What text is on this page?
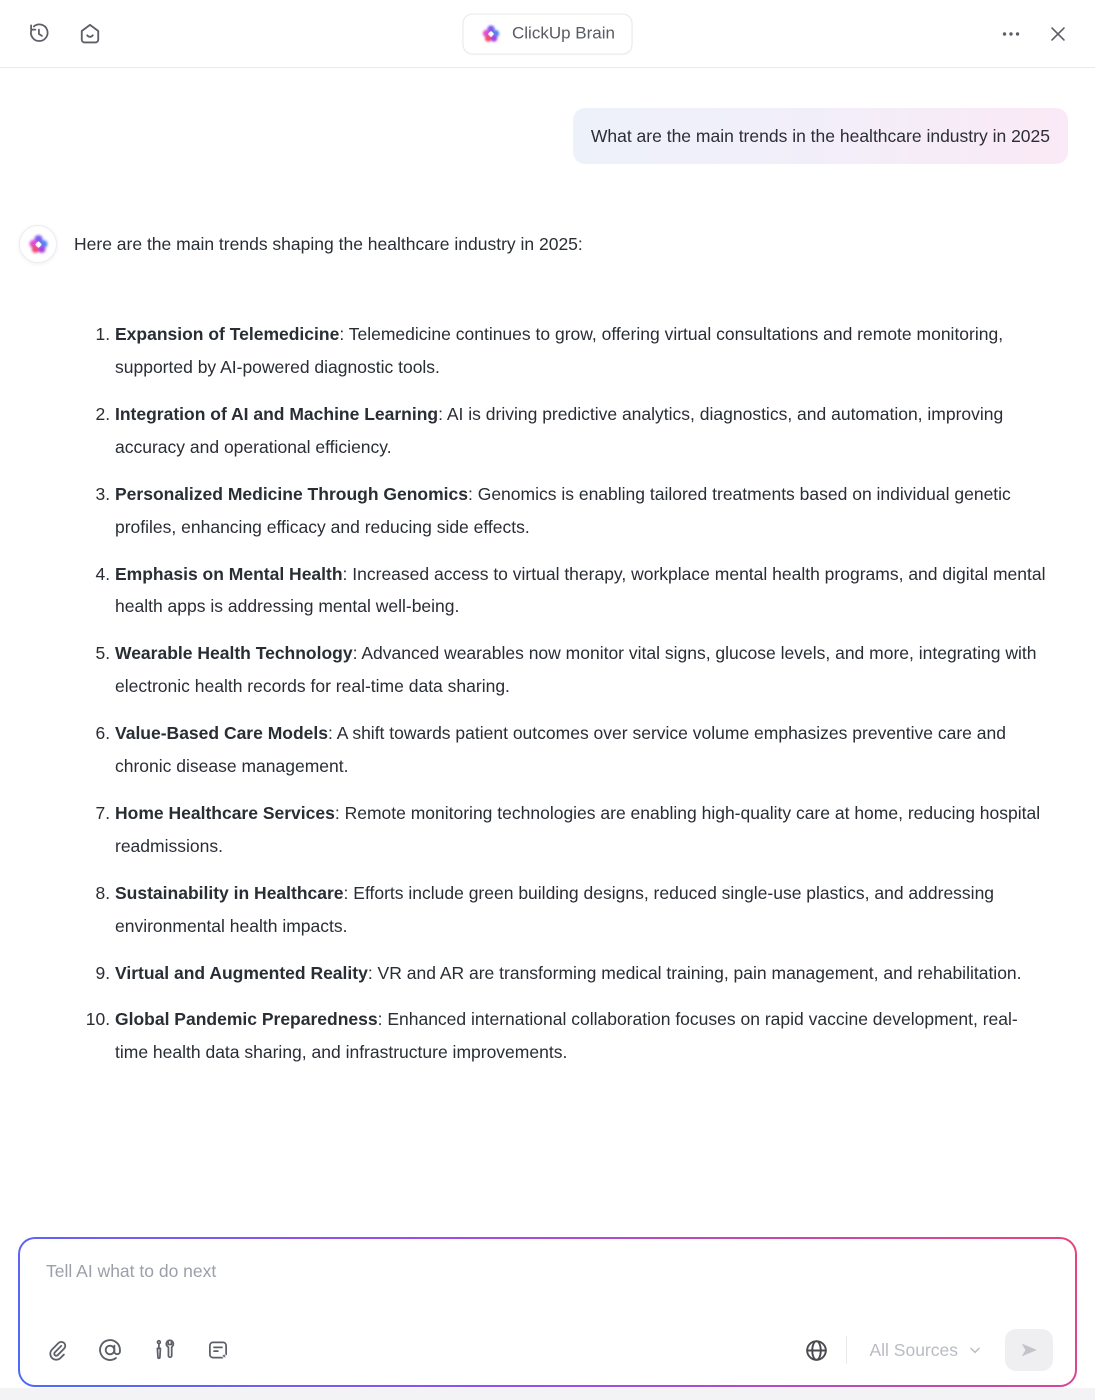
ClickUp Brain
What are the main trends in the healthcare industry in 2025
Here are the main trends shaping the healthcare industry in 2025:
1. Expansion of Telemedicine: Telemedicine continues to grow, offering virtual consultations and remote monitoring, supported by AI-powered diagnostic tools.
2. Integration of AI and Machine Learning: AI is driving predictive analytics, diagnostics, and automation, improving accuracy and operational efficiency.
3. Personalized Medicine Through Genomics: Genomics is enabling tailored treatments based on individual genetic profiles, enhancing efficacy and reducing side effects.
4. Emphasis on Mental Health: Increased access to virtual therapy, workplace mental health programs, and digital mental health apps is addressing mental well-being.
5. Wearable Health Technology: Advanced wearables now monitor vital signs, glucose levels, and more, integrating with electronic health records for real-time data sharing.
6. Value-Based Care Models: A shift towards patient outcomes over service volume emphasizes preventive care and chronic disease management.
7. Home Healthcare Services: Remote monitoring technologies are enabling high-quality care at home, reducing hospital readmissions.
8. Sustainability in Healthcare: Efforts include green building designs, reduced single-use plastics, and addressing environmental health impacts.
9. Virtual and Augmented Reality: VR and AR are transforming medical training, pain management, and rehabilitation.
10. Global Pandemic Preparedness: Enhanced international collaboration focuses on rapid vaccine development, real-time health data sharing, and infrastructure improvements.
Tell AI what to do next
All Sources
